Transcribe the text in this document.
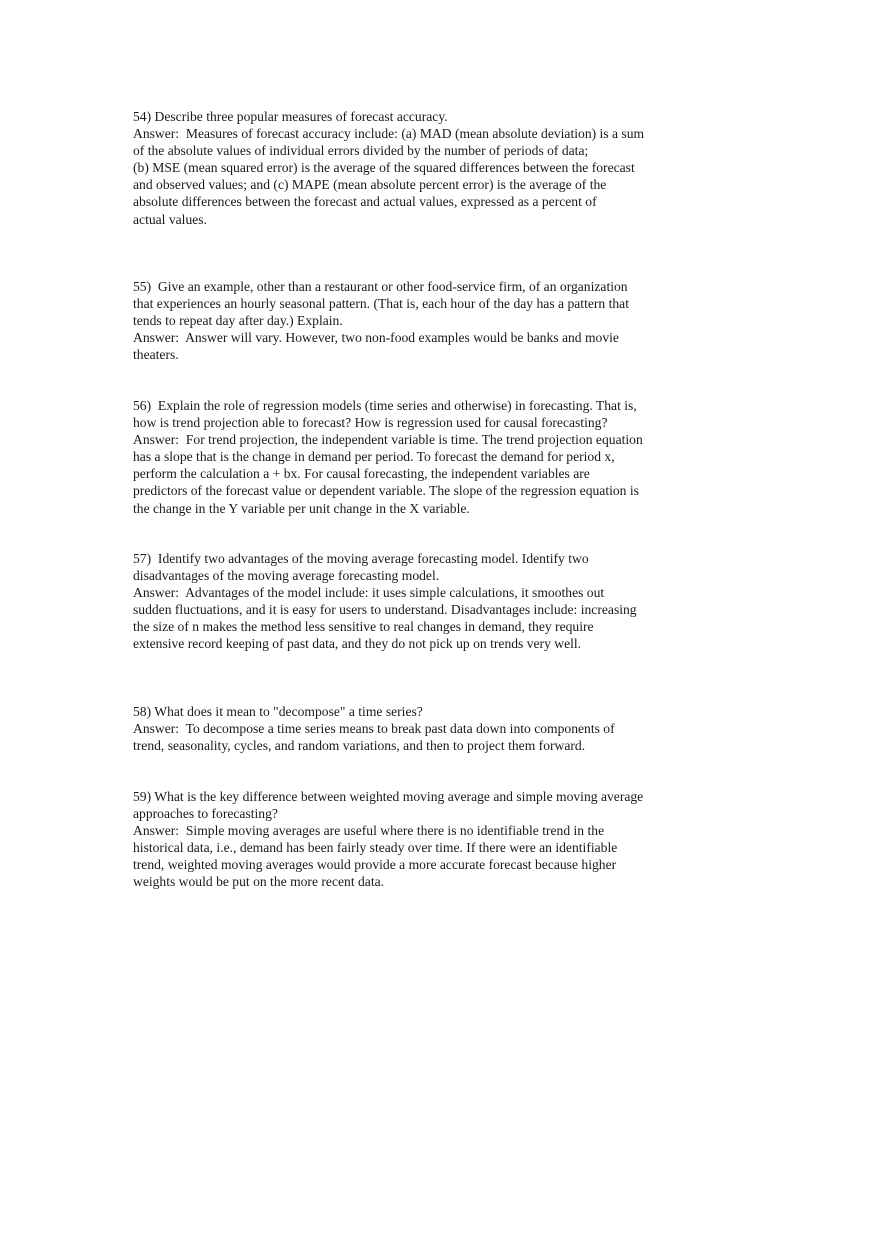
54) Describe three popular measures of forecast accuracy.
Answer:  Measures of forecast accuracy include: (a) MAD (mean absolute deviation) is a sum
of the absolute values of individual errors divided by the number of periods of data;
(b) MSE (mean squared error) is the average of the squared differences between the forecast
and observed values; and (c) MAPE (mean absolute percent error) is the average of the
absolute differences between the forecast and actual values, expressed as a percent of
actual values.
55)  Give an example, other than a restaurant or other food-service firm, of an organization
that experiences an hourly seasonal pattern. (That is, each hour of the day has a pattern that
tends to repeat day after day.) Explain.
Answer:  Answer will vary. However, two non-food examples would be banks and movie
theaters.
56)  Explain the role of regression models (time series and otherwise) in forecasting. That is,
how is trend projection able to forecast? How is regression used for causal forecasting?
Answer:  For trend projection, the independent variable is time. The trend projection equation
has a slope that is the change in demand per period. To forecast the demand for period x,
perform the calculation a + bx. For causal forecasting, the independent variables are
predictors of the forecast value or dependent variable. The slope of the regression equation is
the change in the Y variable per unit change in the X variable.
57)  Identify two advantages of the moving average forecasting model. Identify two
disadvantages of the moving average forecasting model.
Answer:  Advantages of the model include: it uses simple calculations, it smoothes out
sudden fluctuations, and it is easy for users to understand. Disadvantages include: increasing
the size of n makes the method less sensitive to real changes in demand, they require
extensive record keeping of past data, and they do not pick up on trends very well.
58) What does it mean to "decompose" a time series?
Answer:  To decompose a time series means to break past data down into components of
trend, seasonality, cycles, and random variations, and then to project them forward.
59) What is the key difference between weighted moving average and simple moving average
approaches to forecasting?
Answer:  Simple moving averages are useful where there is no identifiable trend in the
historical data, i.e., demand has been fairly steady over time. If there were an identifiable
trend, weighted moving averages would provide a more accurate forecast because higher
weights would be put on the more recent data.
